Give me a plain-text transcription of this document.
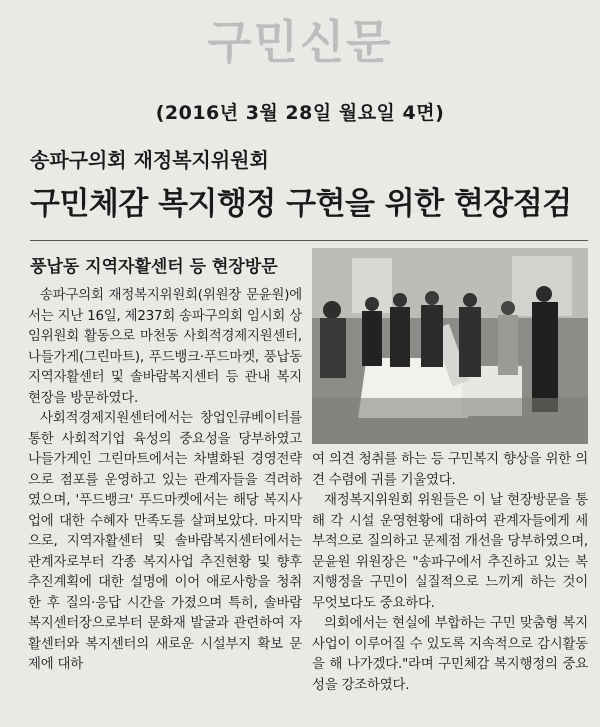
구민신문
(2016년 3월 28일 월요일 4면)
송파구의회 재정복지위원회
구민체감 복지행정 구현을 위한 현장점검
풍납동 지역자활센터 등 현장방문

송파구의회 재정복지위원회(위원장 문윤원)에서는 지난 16일, 제237회 송파구의회 임시회 상임위원회 활동으로 마천동 사회적경제지원센터, 나들가게(그린마트), 푸드뱅크·푸드마켓, 풍납동 지역자활센터 및 솔바람복지센터 등 관내 복지현장을 방문하였다.

사회적경제지원센터에서는 창업인큐베이터를 통한 사회적기업 육성의 중요성을 당부하였고 나들가게인 그린마트에서는 차별화된 경영전략으로 점포를 운영하고 있는 관계자들을 격려하였으며, '푸드뱅크' 푸드마켓에서는 해당 복지사업에 대한 수혜자 만족도를 살펴보았다. 마지막으로, 지역자활센터 및 솔바람복지센터에서는 관계자로부터 각종 복지사업 추진현황 및 향후 추진계획에 대한 설명에 이어 애로사항을 청취한 후 질의·응답 시간을 가졌으며 특히, 솔바람복지센터장으로부터 문화재 발굴과 관련하여 자활센터와 복지센터의 새로운 시설부지 확보 문제에 대하

여 의견 청취를 하는 등 구민복지 향상을 위한 의견 수렴에 귀를 기울였다.

재정복지위원회 위원들은 이 날 현장방문을 통해 각 시설 운영현황에 대하여 관계자들에게 세부적으로 질의하고 문제점 개선을 당부하였으며, 문윤원 위원장은 "송파구에서 추진하고 있는 복지행정을 구민이 실질적으로 느끼게 하는 것이 무엇보다도 중요하다.

의회에서는 현실에 부합하는 구민 맞춤형 복지사업이 이루어질 수 있도록 지속적으로 감시활동을 해 나가겠다."라며 구민체감 복지행정의 중요성을 강조하였다.
